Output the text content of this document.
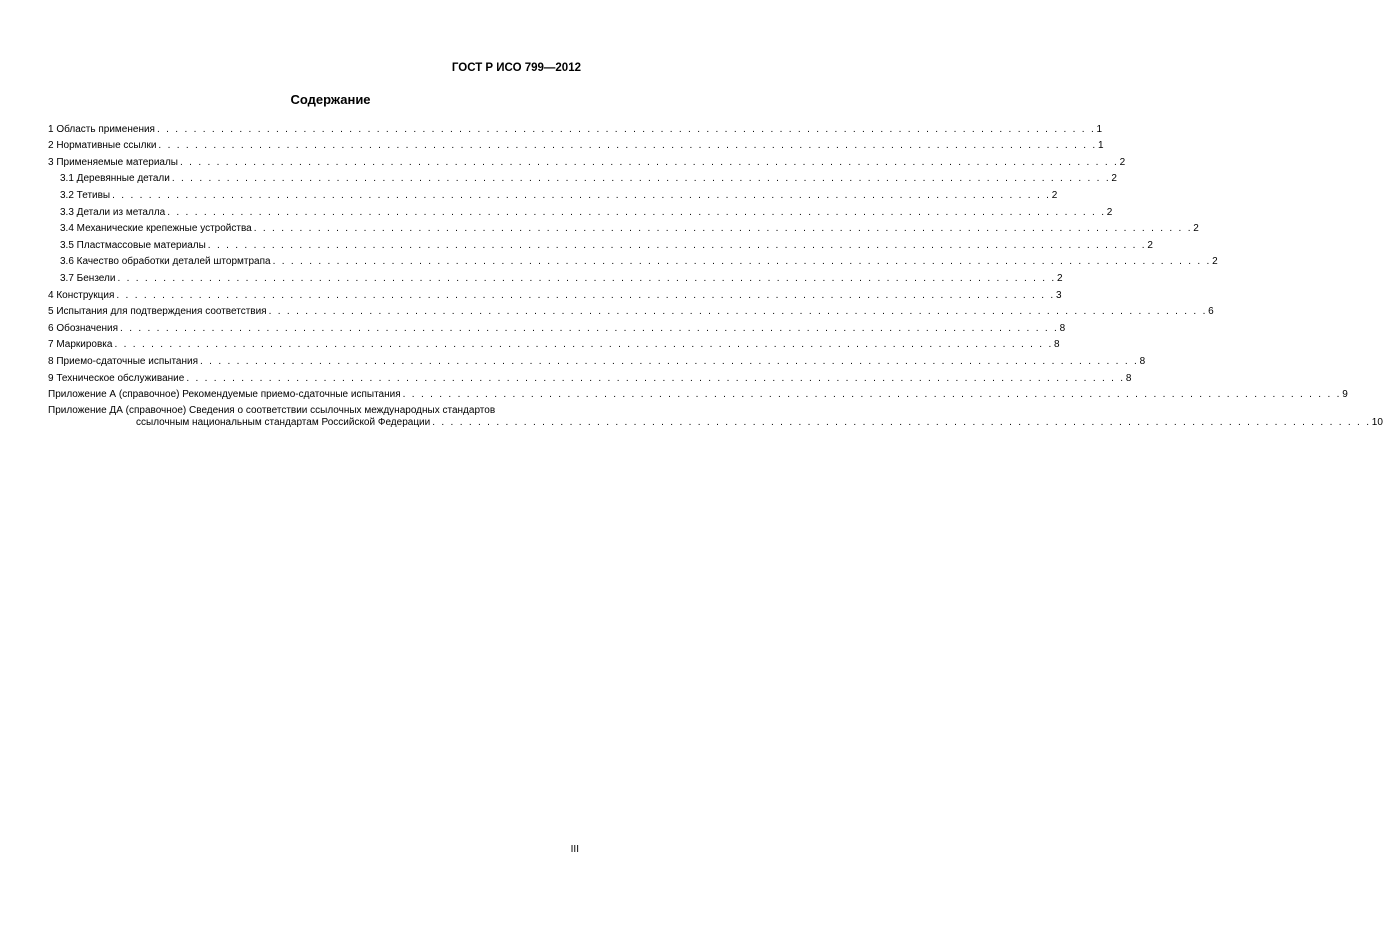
ГОСТ Р ИСО 799—2012
Содержание
1 Область применения . . . . . . . . . . . . . . . . . . . . . . . . . . . . . . . . . . . . . . . . . . . . . . . . . . . . . . . . . . . . . . . . . . . . . . . . . . . . . . . . . . . . . . . . . . . . . . . . . . . . . . . 1
2 Нормативные ссылки . . . . . . . . . . . . . . . . . . . . . . . . . . . . . . . . . . . . . . . . . . . . . . . . . . . . . . . . . . . . . . . . . . . . . . . . . . . . . . . . . . . . . . . . . . . . . . . . . . . . . . . 1
3 Применяемые материалы . . . . . . . . . . . . . . . . . . . . . . . . . . . . . . . . . . . . . . . . . . . . . . . . . . . . . . . . . . . . . . . . . . . . . . . . . . . . . . . . . . . . . . . . . . . . . . . . . . . . . . . 2
3.1 Деревянные детали . . . . . . . . . . . . . . . . . . . . . . . . . . . . . . . . . . . . . . . . . . . . . . . . . . . . . . . . . . . . . . . . . . . . . . . . . . . . . . . . . . . . . . . . . . . . . . . . . . . . . . . 2
3.2 Тетивы . . . . . . . . . . . . . . . . . . . . . . . . . . . . . . . . . . . . . . . . . . . . . . . . . . . . . . . . . . . . . . . . . . . . . . . . . . . . . . . . . . . . . . . . . . . . . . . . . . . . . . . 2
3.3 Детали из металла . . . . . . . . . . . . . . . . . . . . . . . . . . . . . . . . . . . . . . . . . . . . . . . . . . . . . . . . . . . . . . . . . . . . . . . . . . . . . . . . . . . . . . . . . . . . . . . . . . . . . . . 2
3.4 Механические крепежные устройства . . . . . . . . . . . . . . . . . . . . . . . . . . . . . . . . . . . . . . . . . . . . . . . . . . . . . . . . . . . . . . . . . . . . . . . . . . . . . . . . . . . . . . . . . . . . . . . . . . . . . . . 2
3.5 Пластмассовые материалы . . . . . . . . . . . . . . . . . . . . . . . . . . . . . . . . . . . . . . . . . . . . . . . . . . . . . . . . . . . . . . . . . . . . . . . . . . . . . . . . . . . . . . . . . . . . . . . . . . . . . . . 2
3.6 Качество обработки деталей штормтрапа . . . . . . . . . . . . . . . . . . . . . . . . . . . . . . . . . . . . . . . . . . . . . . . . . . . . . . . . . . . . . . . . . . . . . . . . . . . . . . . . . . . . . . . . . . . . . . . . . . . . . . . 2
3.7 Бензели . . . . . . . . . . . . . . . . . . . . . . . . . . . . . . . . . . . . . . . . . . . . . . . . . . . . . . . . . . . . . . . . . . . . . . . . . . . . . . . . . . . . . . . . . . . . . . . . . . . . . . . 2
4 Конструкция . . . . . . . . . . . . . . . . . . . . . . . . . . . . . . . . . . . . . . . . . . . . . . . . . . . . . . . . . . . . . . . . . . . . . . . . . . . . . . . . . . . . . . . . . . . . . . . . . . . . . . . 3
5 Испытания для подтверждения соответствия . . . . . . . . . . . . . . . . . . . . . . . . . . . . . . . . . . . . . . . . . . . . . . . . . . . . . . . . . . . . . . . . . . . . . . . . . . . . . . . . . . . . . . . . . . . . . . . . . . . . . . . 6
6 Обозначения . . . . . . . . . . . . . . . . . . . . . . . . . . . . . . . . . . . . . . . . . . . . . . . . . . . . . . . . . . . . . . . . . . . . . . . . . . . . . . . . . . . . . . . . . . . . . . . . . . . . . . . 8
7 Маркировка . . . . . . . . . . . . . . . . . . . . . . . . . . . . . . . . . . . . . . . . . . . . . . . . . . . . . . . . . . . . . . . . . . . . . . . . . . . . . . . . . . . . . . . . . . . . . . . . . . . . . . . 8
8 Приемо-сдаточные испытания . . . . . . . . . . . . . . . . . . . . . . . . . . . . . . . . . . . . . . . . . . . . . . . . . . . . . . . . . . . . . . . . . . . . . . . . . . . . . . . . . . . . . . . . . . . . . . . . . . . . . . . 8
9 Техническое обслуживание . . . . . . . . . . . . . . . . . . . . . . . . . . . . . . . . . . . . . . . . . . . . . . . . . . . . . . . . . . . . . . . . . . . . . . . . . . . . . . . . . . . . . . . . . . . . . . . . . . . . . . . 8
Приложение А (справочное) Рекомендуемые приемо-сдаточные испытания . . . . . . . . . . . . . . . . . . . . . . . . . . . . . . . . . . . . . . . . . . . . . . . . . . . . . . . . . . . . . . . . . . . . . . . . . . . . . . . . . . . . . . . . . . . . . . . . . . . . . . . 9
Приложение ДА (справочное) Сведения о соответствии ссылочных международных стандартов
ссылочным национальным стандартам Российской Федерации . . . . . . . . . . . . . . . . . . . . . . . . . . . . . . . . . . . . . . . . . . . . . . . . . . . . . . . . . . . . . . . . . . . . . . . . . . . . . . . . . . . . . . . . . . . . . . . . . . . . . . . 10
III
